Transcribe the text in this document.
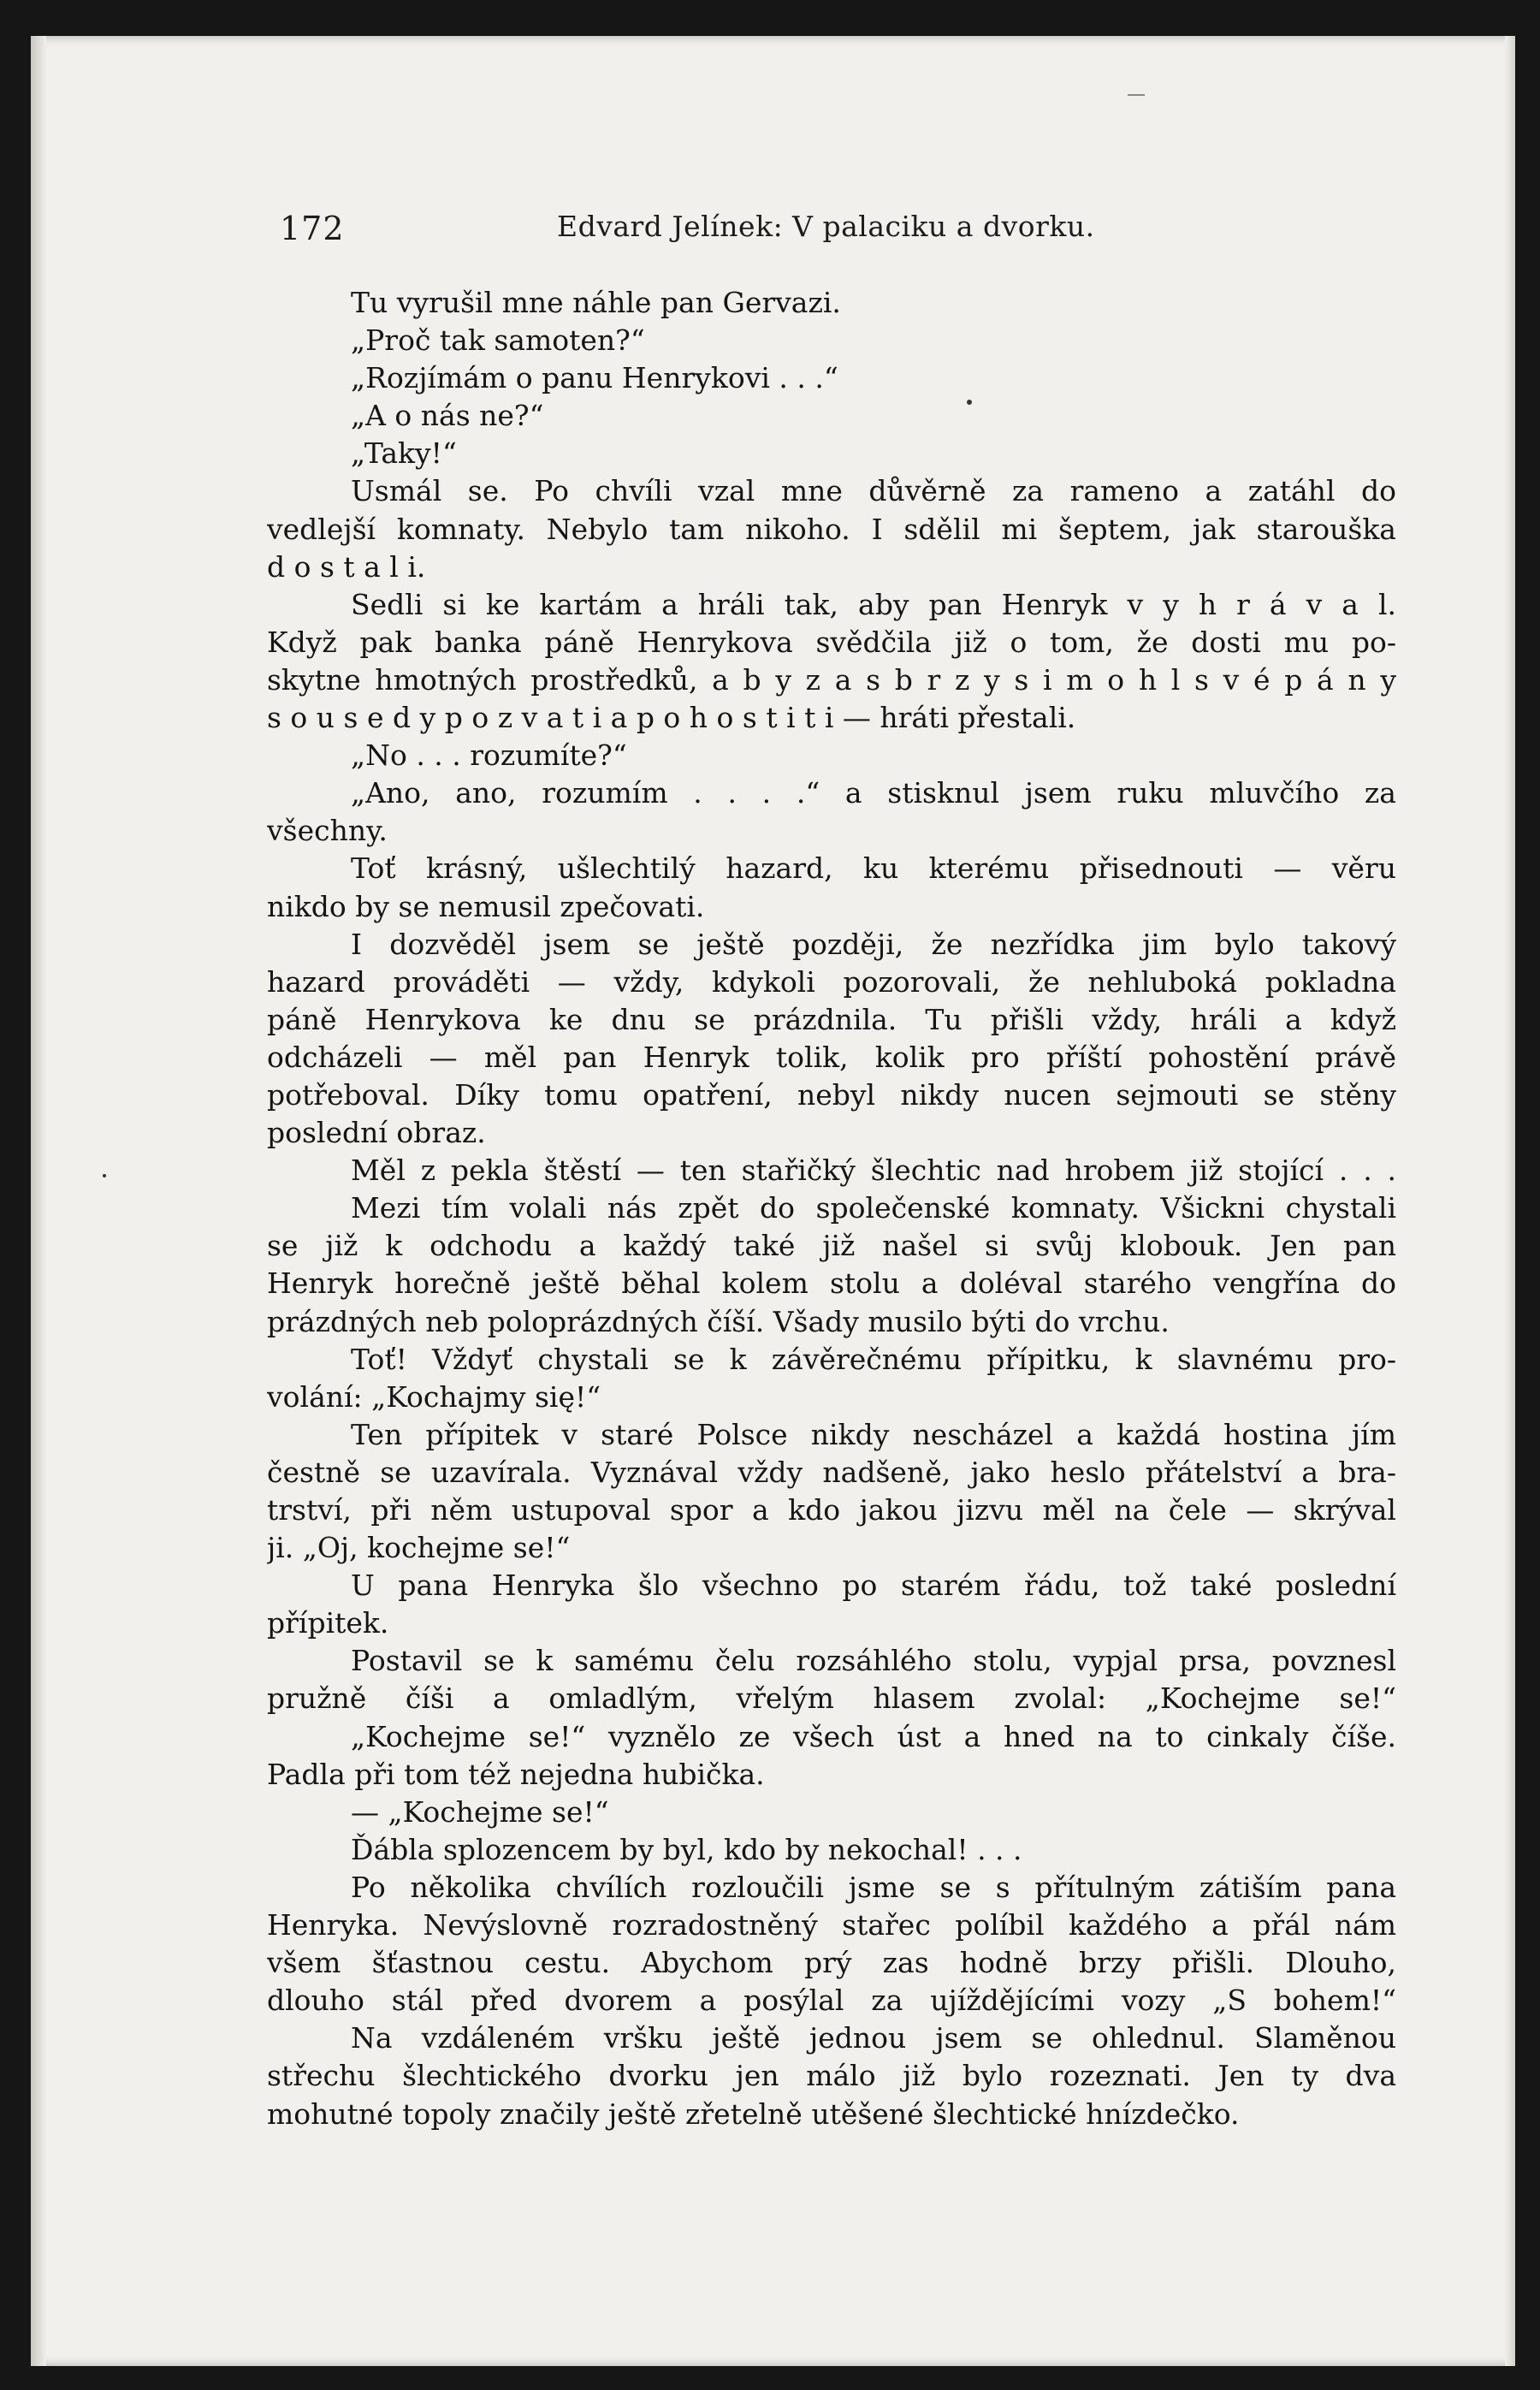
172	Edvard Jelínek: V palaciku a dvorku.
Tu vyrušil mne náhle pan Gervazi.
„Proč tak samoten?“
„Rozjímám o panu Henrykovi . . .“
„A o nás ne?“
„Taky!“
Usmál se. Po chvíli vzal mne důvěrně za rameno a zatáhl do
vedlejší komnaty. Nebylo tam nikoho. I sdělil mi šeptem, jak starouška
d o s t a l i.
Sedli si ke kartám a hráli tak, aby pan Henryk v y h r á v a l.
Když pak banka páně Henrykova svědčila již o tom, že dosti mu po-
skytne hmotných prostředků, a b y z a s b r z y s i m o h l s v é p á n y
s o u s e d y p o z v a t i a p o h o s t i t i — hráti přestali.
„No . . . rozumíte?“
„Ano, ano, rozumím . . . .“ a stisknul jsem ruku mluvčího za
všechny.
Toť krásný, ušlechtilý hazard, ku kterému přisednouti — věru
nikdo by se nemusil zpečovati.
I dozvěděl jsem se ještě později, že nezřídka jim bylo takový
hazard prováděti — vždy, kdykoli pozorovali, že nehluboká pokladna
páně Henrykova ke dnu se prázdnila. Tu přišli vždy, hráli a když
odcházeli — měl pan Henryk tolik, kolik pro příští pohostění právě
potřeboval. Díky tomu opatření, nebyl nikdy nucen sejmouti se stěny
poslední obraz.
Měl z pekla štěstí — ten stařičký šlechtic nad hrobem již stojící . . .
Mezi tím volali nás zpět do společenské komnaty. Všickni chystali
se již k odchodu a každý také již našel si svůj klobouk. Jen pan
Henryk horečně ještě běhal kolem stolu a doléval starého vengřína do
prázdných neb poloprázdných číší. Všady musilo býti do vrchu.
Toť! Vždyť chystali se k závěrečnému přípitku, k slavnému pro-
volání: „Kochajmy się!“
Ten přípitek v staré Polsce nikdy nescházel a každá hostina jím
čestně se uzavírala. Vyznával vždy nadšeně, jako heslo přátelství a bra-
trství, při něm ustupoval spor a kdo jakou jizvu měl na čele — skrýval
ji. „Oj, kochejme se!“
U pana Henryka šlo všechno po starém řádu, tož také poslední
přípitek.
Postavil se k samému čelu rozsáhlého stolu, vypjal prsa, povznesl
pružně číši a omladlým, vřelým hlasem zvolal: „Kochejme se!“
„Kochejme se!“ vyznělo ze všech úst a hned na to cinkaly číše.
Padla při tom též nejedna hubička.
— „Kochejme se!“
Ďábla splozencem by byl, kdo by nekochal! . . .
Po několika chvílích rozloučili jsme se s přítulným zátiším pana
Henryka. Nevýslovně rozradostněný stařec políbil každého a přál nám
všem šťastnou cestu. Abychom prý zas hodně brzy přišli. Dlouho,
dlouho stál před dvorem a posýlal za ujíždějícími vozy „S bohem!“
Na vzdáleném vršku ještě jednou jsem se ohlednul. Slaměnou
střechu šlechtického dvorku jen málo již bylo rozeznati. Jen ty dva
mohutné topoly značily ještě zřetelně utěšené šlechtické hnízdečko.
